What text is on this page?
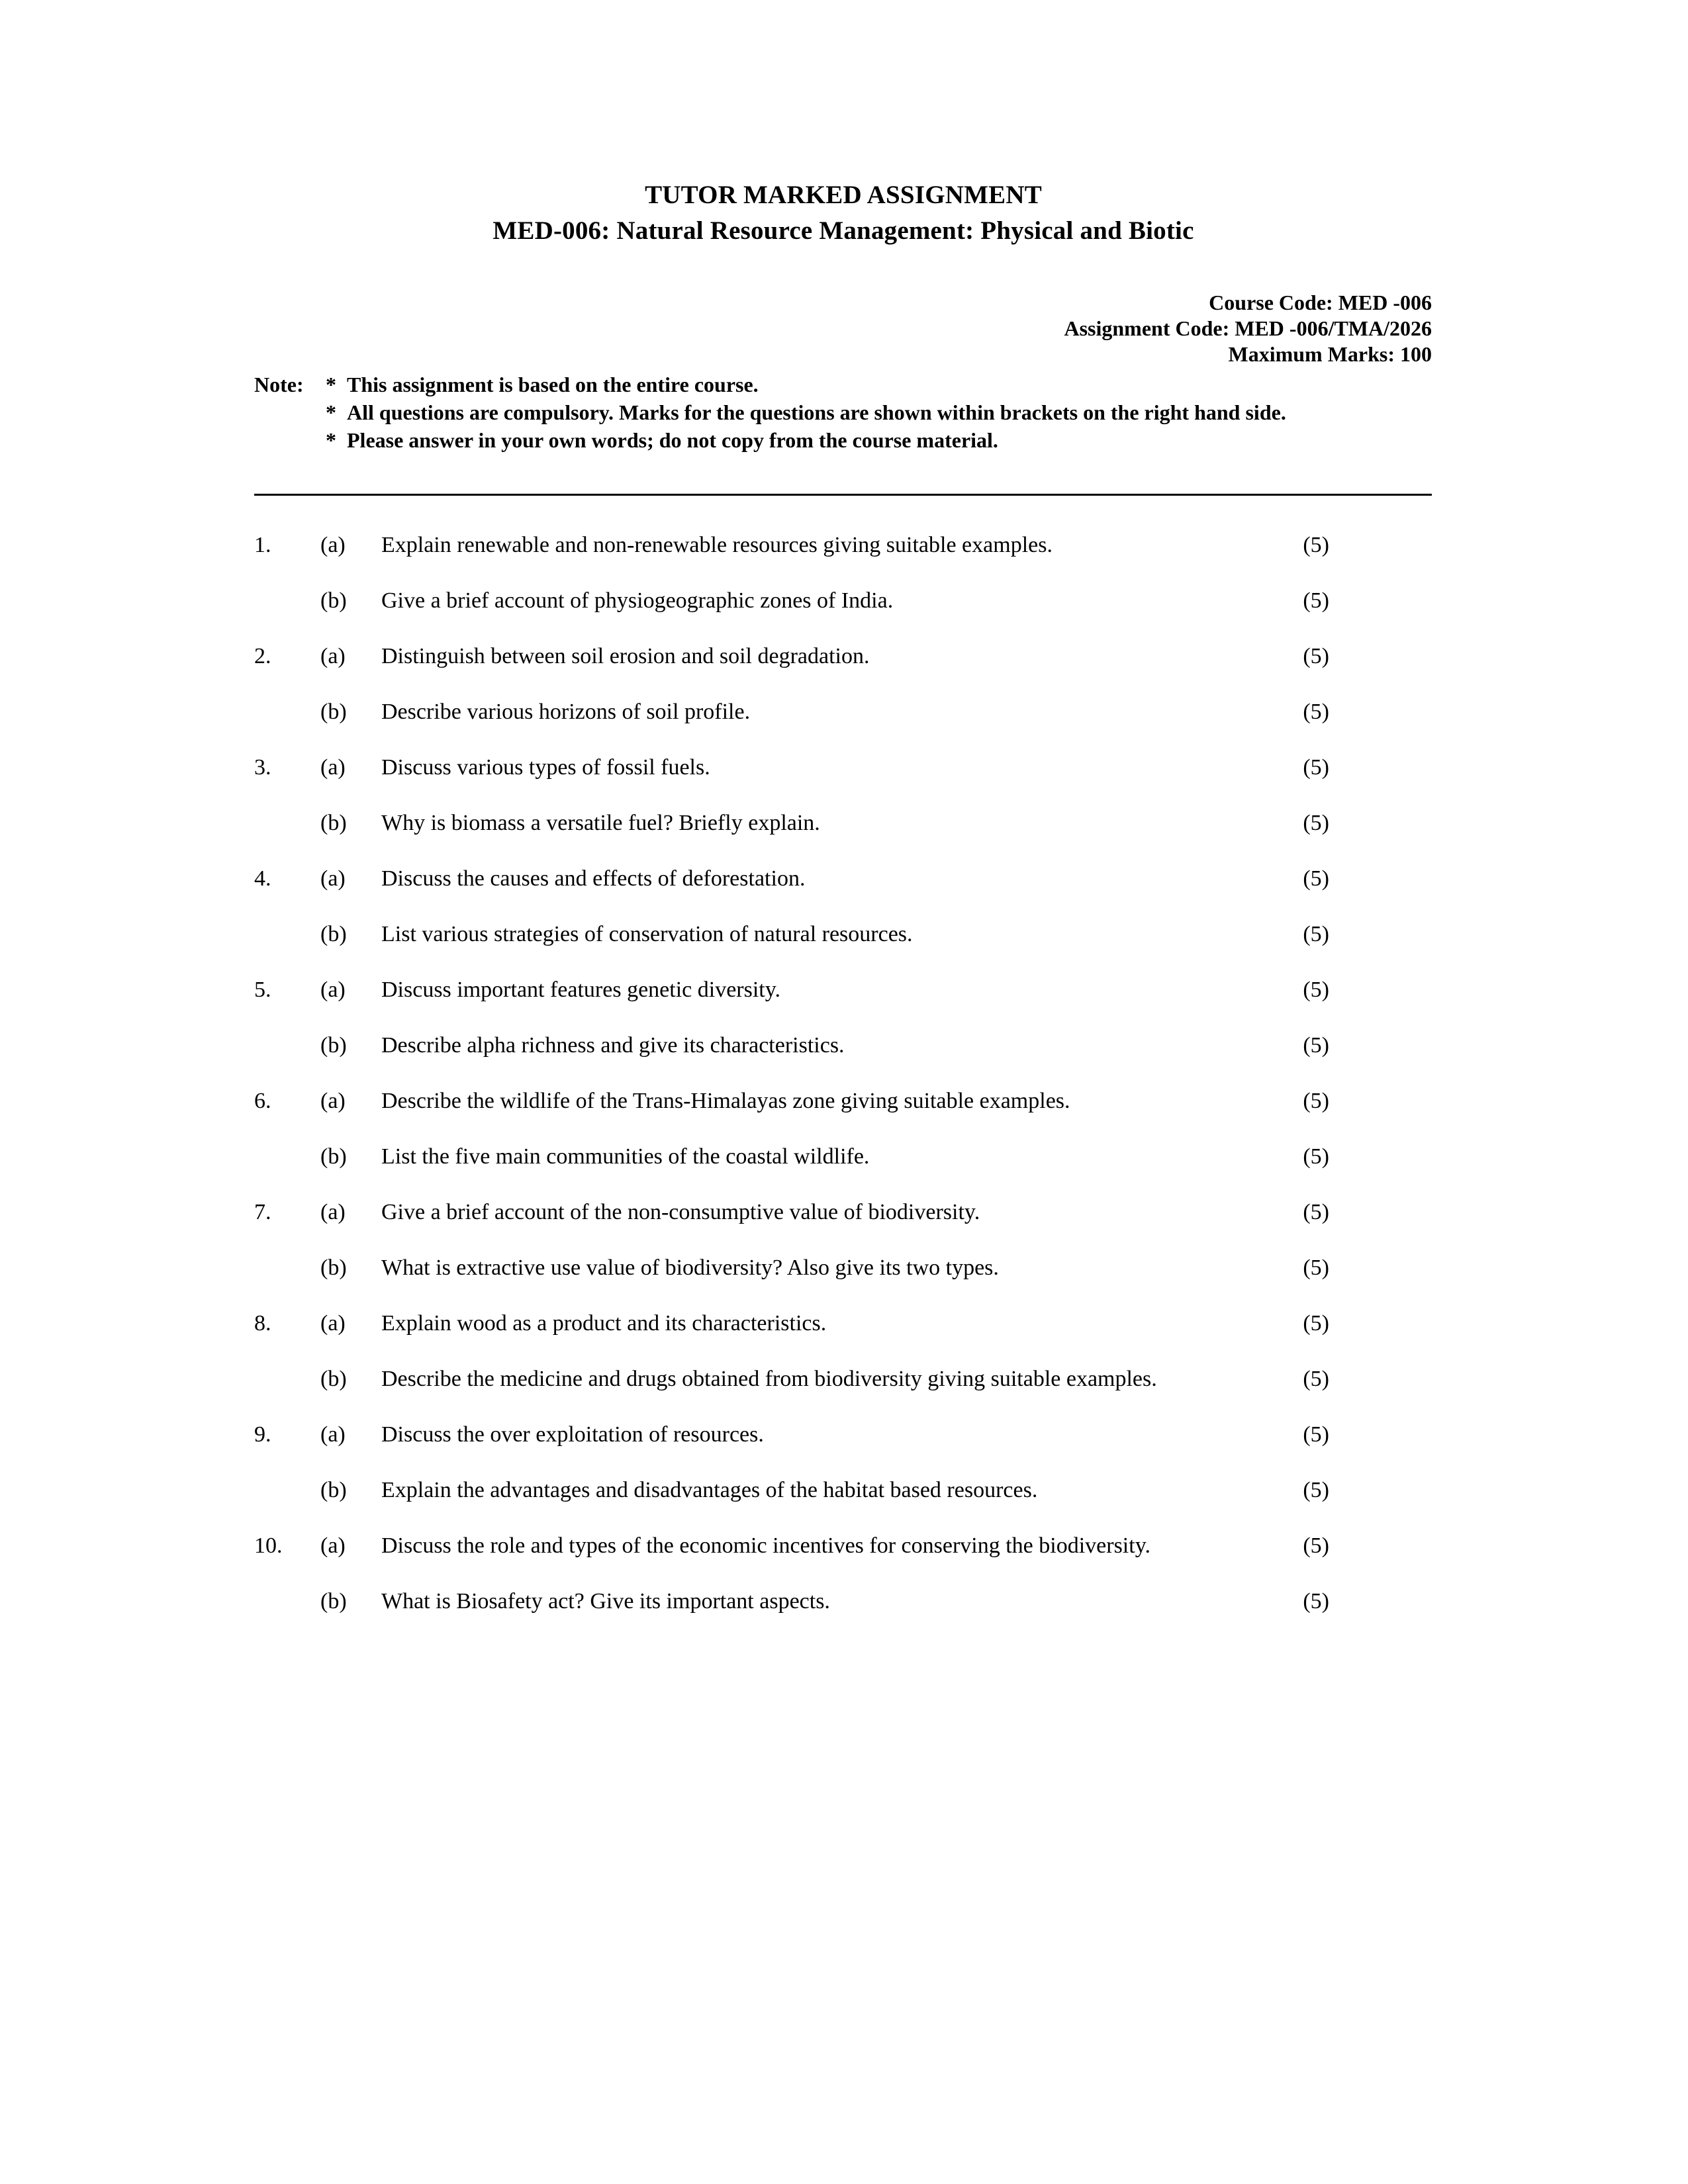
TUTOR MARKED ASSIGNMENT
MED-006: Natural Resource Management: Physical and Biotic
Course Code: MED -006
Assignment Code: MED -006/TMA/2026
Maximum Marks: 100
Note:	* This assignment is based on the entire course.
* All questions are compulsory. Marks for the questions are shown within brackets on the right hand side.
* Please answer in your own words; do not copy from the course material.
1.	(a)	Explain renewable and non-renewable resources giving suitable examples.	(5)
(b)	Give a brief account of physiogeographic zones of India.	(5)
2.	(a)	Distinguish between soil erosion and soil degradation.	(5)
(b)	Describe various horizons of soil profile.	(5)
3.	(a)	Discuss various types of fossil fuels.	(5)
(b)	Why is biomass a versatile fuel? Briefly explain.	(5)
4.	(a)	Discuss the causes and effects of deforestation.	(5)
(b)	List various strategies of conservation of natural resources.	(5)
5.	(a)	Discuss important features genetic diversity.	(5)
(b)	Describe alpha richness and give its characteristics.	(5)
6.	(a)	Describe the wildlife of the Trans-Himalayas zone giving suitable examples.	(5)
(b)	List the five main communities of the coastal wildlife.	(5)
7.	(a)	Give a brief account of the non-consumptive value of biodiversity.	(5)
(b)	What is extractive use value of biodiversity? Also give its two types.	(5)
8.	(a)	Explain wood as a product and its characteristics.	(5)
(b)	Describe the medicine and drugs obtained from biodiversity giving suitable examples.	(5)
9.	(a)	Discuss the over exploitation of resources.	(5)
(b)	Explain the advantages and disadvantages of the habitat based resources.	(5)
10.	(a)	Discuss the role and types of the economic incentives for conserving the biodiversity.	(5)
(b)	What is Biosafety act? Give its important aspects.	(5)
